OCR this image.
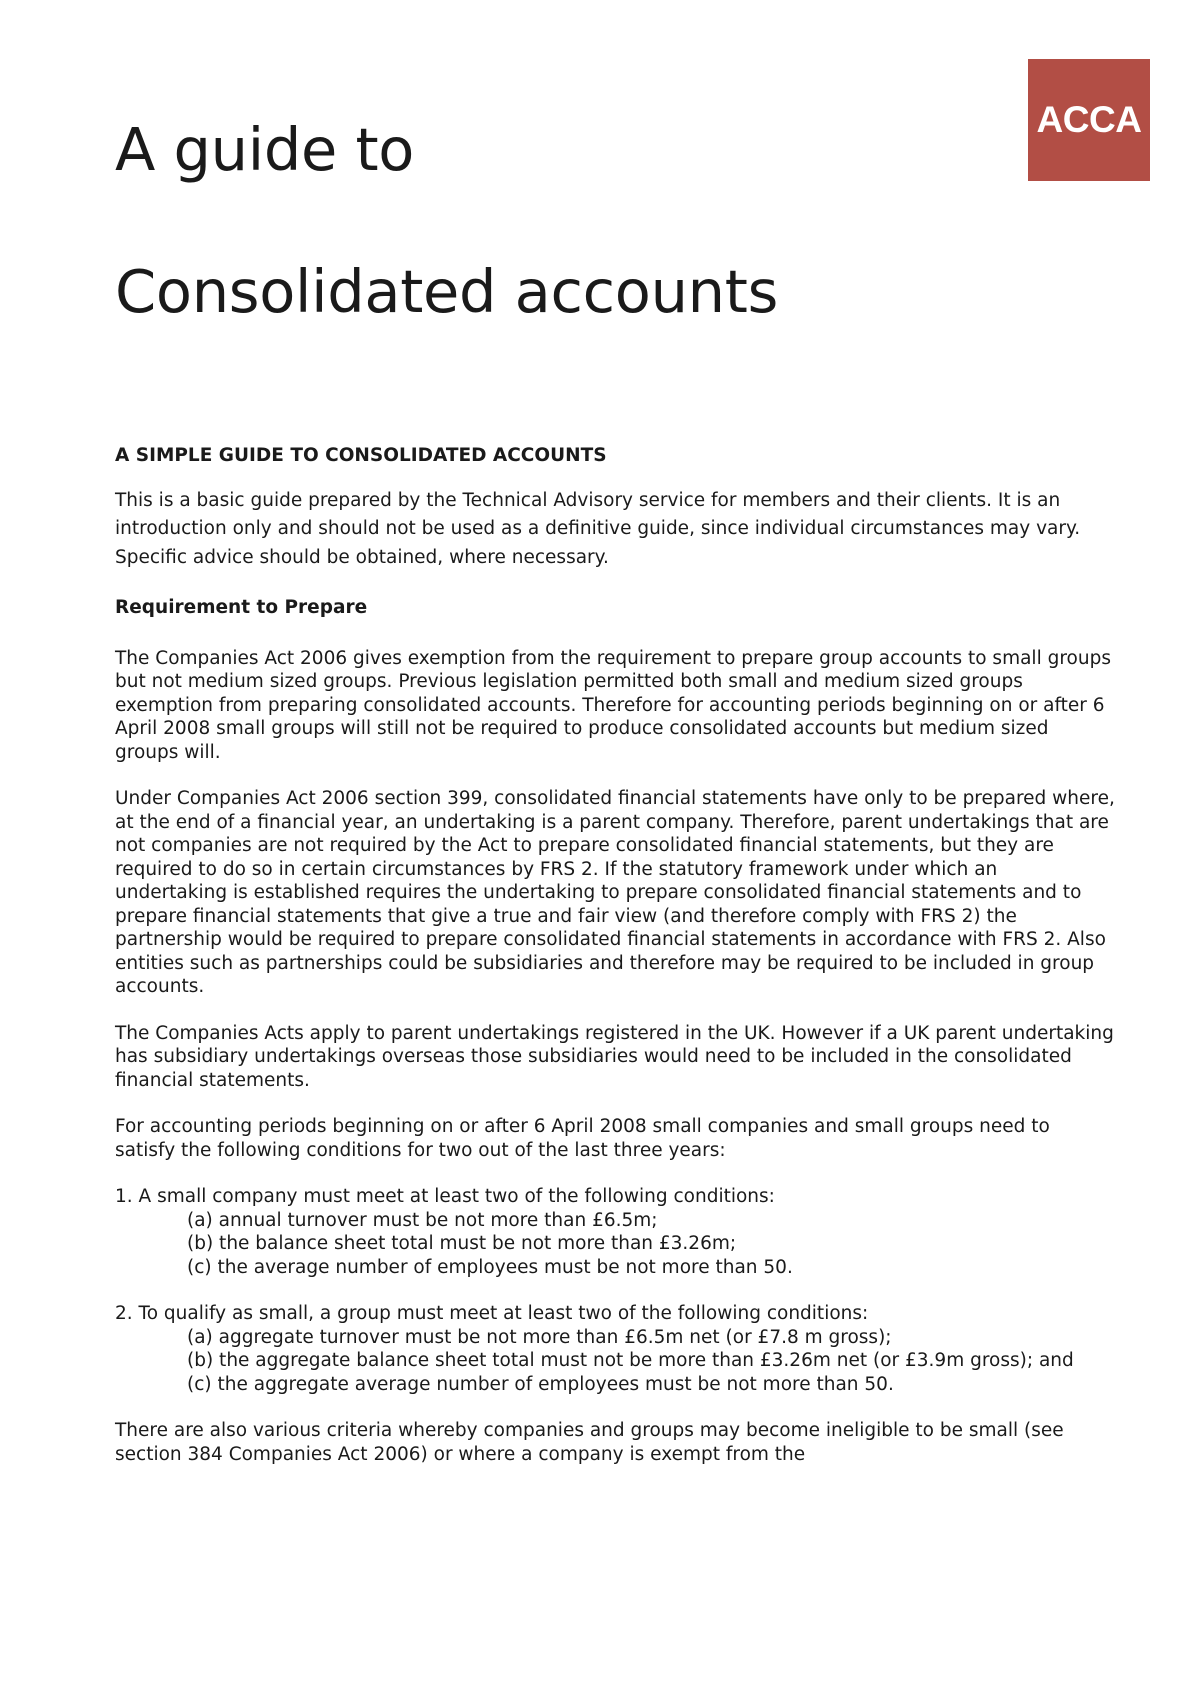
ACCA
A guide to
Consolidated accounts

A SIMPLE GUIDE TO CONSOLIDATED ACCOUNTS

This is a basic guide prepared by the Technical Advisory service for members and their clients. It is an introduction only and should not be used as a definitive guide, since individual circumstances may vary. Specific advice should be obtained, where necessary.

Requirement to Prepare

The Companies Act 2006 gives exemption from the requirement to prepare group accounts to small groups but not medium sized groups. Previous legislation permitted both small and medium sized groups exemption from preparing consolidated accounts. Therefore for accounting periods beginning on or after 6 April 2008 small groups will still not be required to produce consolidated accounts but medium sized groups will.

Under Companies Act 2006 section 399, consolidated financial statements have only to be prepared where, at the end of a financial year, an undertaking is a parent company. Therefore, parent undertakings that are not companies are not required by the Act to prepare consolidated financial statements, but they are required to do so in certain circumstances by FRS 2. If the statutory framework under which an undertaking is established requires the undertaking to prepare consolidated financial statements and to prepare financial statements that give a true and fair view (and therefore comply with FRS 2) the partnership would be required to prepare consolidated financial statements in accordance with FRS 2. Also entities such as partnerships could be subsidiaries and therefore may be required to be included in group accounts.

The Companies Acts apply to parent undertakings registered in the UK. However if a UK parent undertaking has subsidiary undertakings overseas those subsidiaries would need to be included in the consolidated financial statements.

For accounting periods beginning on or after 6 April 2008 small companies and small groups need to satisfy the following conditions for two out of the last three years:

1. A small company must meet at least two of the following conditions:

(a) annual turnover must be not more than £6.5m;

(b) the balance sheet total must be not more than £3.26m;

(c) the average number of employees must be not more than 50.

2. To qualify as small, a group must meet at least two of the following conditions:

(a) aggregate turnover must be not more than £6.5m net (or £7.8 m gross);

(b) the aggregate balance sheet total must not be more than £3.26m net (or £3.9m gross); and

(c) the aggregate average number of employees must be not more than 50.

There are also various criteria whereby companies and groups may become ineligible to be small (see section 384 Companies Act 2006) or where a company is exempt from the
